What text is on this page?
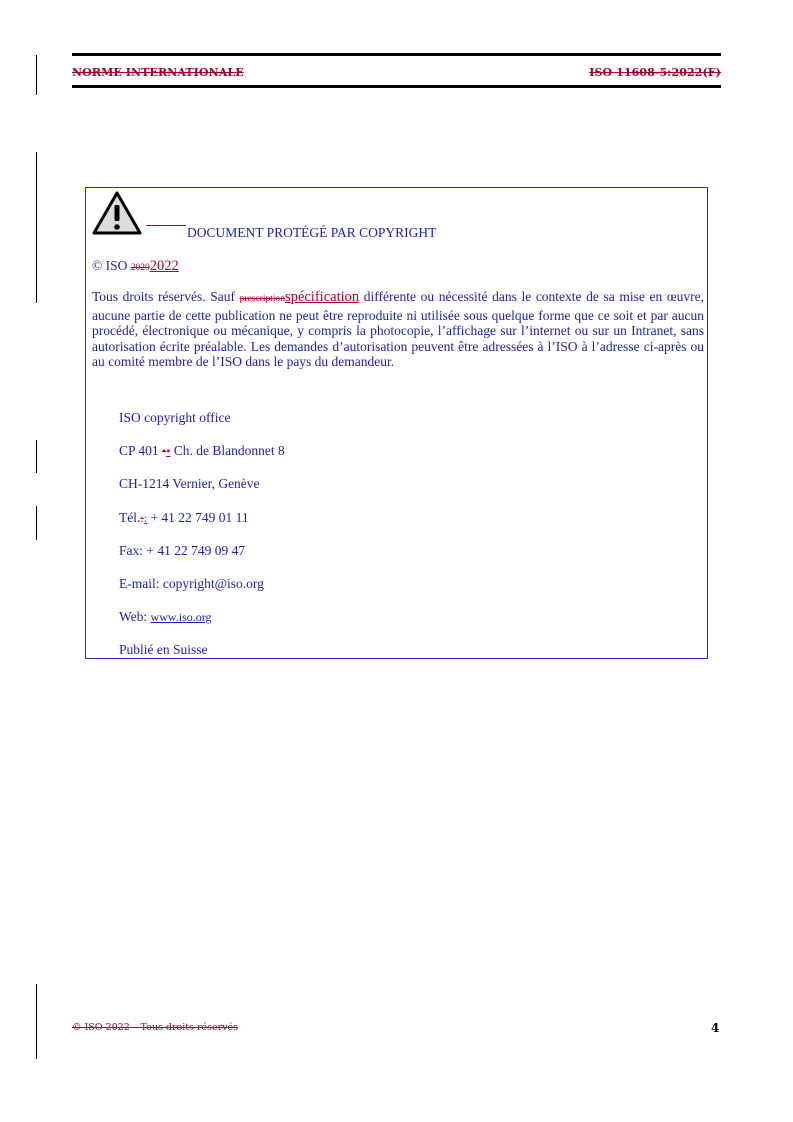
NORME INTERNATIONALE	ISO 11608-5:2022(F)
DOCUMENT PROTÉGÉ PAR COPYRIGHT
© ISO 20202022

Tous droits réservés. Sauf prescriptionspécification différente ou nécessité dans le contexte de sa mise en œuvre, aucune partie de cette publication ne peut être reproduite ni utilisée sous quelque forme que ce soit et par aucun procédé, électronique ou mécanique, y compris la photocopie, l’affichage sur l’internet ou sur un Intranet, sans autorisation écrite préalable. Les demandes d’autorisation peuvent être adressées à l’ISO à l’adresse ci-après ou au comité membre de l’ISO dans le pays du demandeur.

ISO copyright office
CP 401 •• Ch. de Blandonnet 8
CH-1214 Vernier, Genève
Tél.:: + 41 22 749 01 11
Fax: + 41 22 749 09 47
E-mail: copyright@iso.org
Web: www.iso.org
Publié en Suisse
© ISO 2022 – Tous droits réservés	4
